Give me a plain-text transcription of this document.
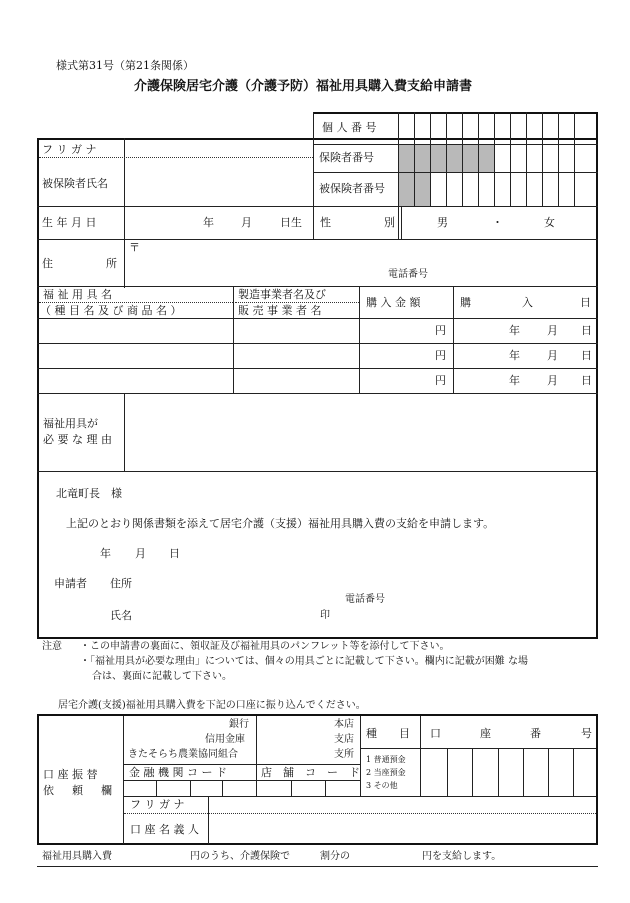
様式第31号（第21条関係）
介護保険居宅介護（介護予防）福祉用具購入費支給申請書
個 人 番 号
保険者番号
被保険者番号
フ リ ガ ナ
被保険者氏名
生 年 月 日	年 月	日生 性	別	男	・	女
住	所
〒
電話番号
福 祉 用 具 名
（ 種 目 名 及 び 商 品 名 ）
製造事業者名及び
販 売 事 業 者 名
購 入 金 額	購	入	日
円	年 月 日
円	年 月 日
円	年 月 日
福祉用具が
必 要 な 理 由
北竜町長　様
上記のとおり関係書類を添えて居宅介護（支援）福祉用具購入費の支給を申請します。
年 月 日
申請者 住所
電話番号
氏名	印
注意 ・この申請書の裏面に、領収証及び福祉用具のパンフレット等を添付して下さい。
・「福祉用具が必要な理由」については、個々の用具ごとに記載して下さい。欄内に記載が困難 な場
合は、裏面に記載して下さい。
居宅介護(支援)福祉用具購入費を下記の口座に振り込んでください。
口 座 振 替
依 　 頼 　 欄
銀行
信用金庫
きたそらち農業協同組合
本店
支店
支所
種　　目 口	座	番	号
1 普通預金
2 当座預金
3 その他
金 融 機 関 コ ー ド	店　舗　コ　ー　ド
フ リ ガ ナ
口 座 名 義 人
福祉用具購入費	円のうち、介護保険で	割分の	円を支給します。
